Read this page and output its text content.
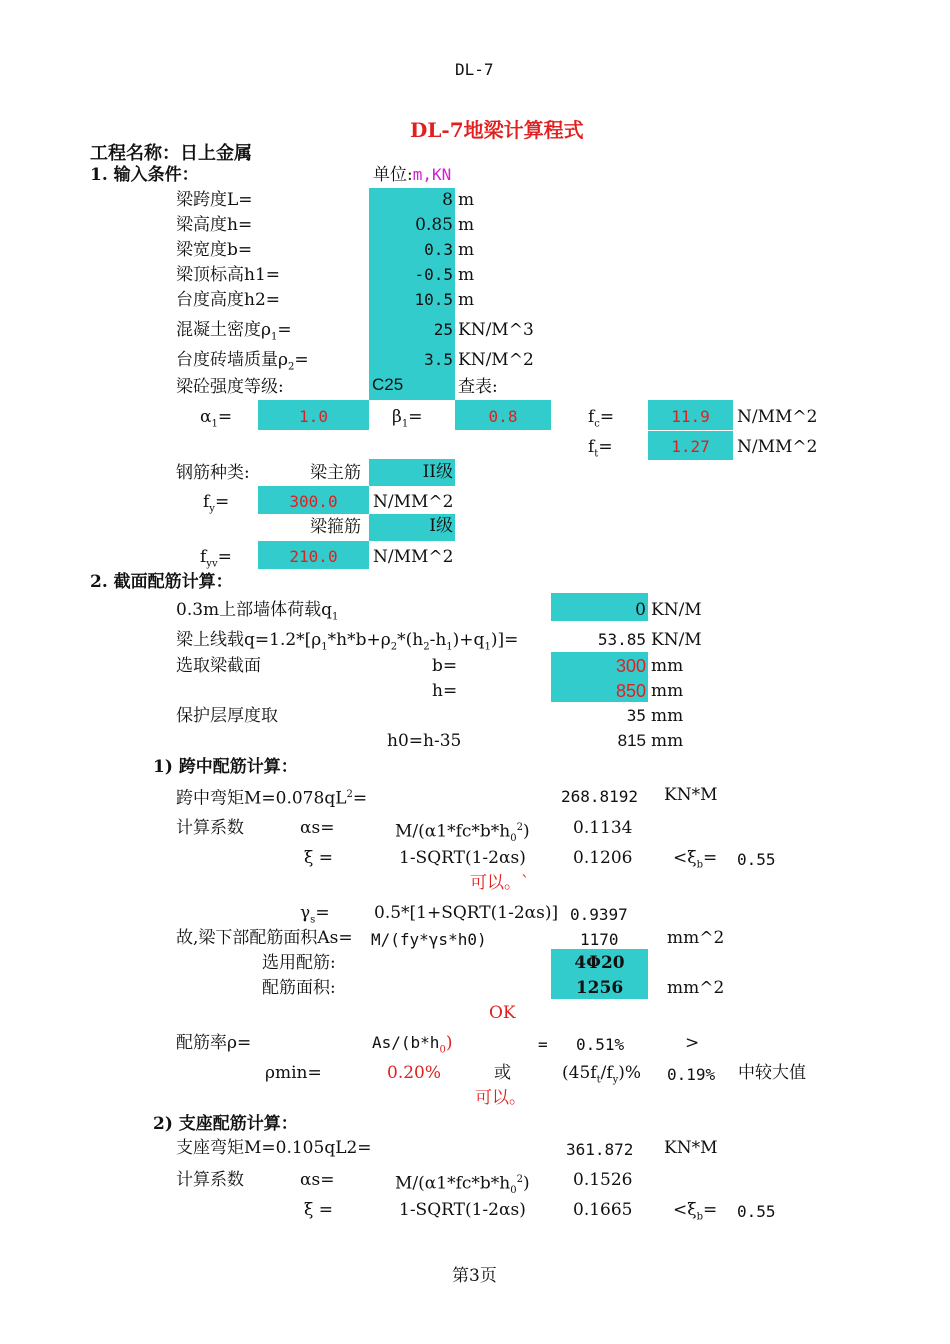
DL-7
DL-7地梁计算程式
工程名称：日上金属
1. 输入条件：	单位:m,KN
梁跨度L=	8 m
梁高度h=	0.85 m
梁宽度b=	0.3 m
梁顶标高h1=	-0.5 m
台度高度h2=	10.5 m
混凝土密度$\rho_1=$	25 KN/M^3
台度砖墙质量$\rho_2=$	3.5 KN/M^2
梁砼强度等级:	C25	查表:
$\alpha_1=$	1.0	$\beta_1=$	0.8	$f_c=$	11.9	N/MM^2
$f_t=$	1.27	N/MM^2
钢筋种类:	梁主筋	II级
$f_y=$	300.0	N/MM^2
梁箍筋	I级
$f_{yv}=$	210.0	N/MM^2
2. 截面配筋计算：
0.3m上部墙体荷载$q_1$	0 KN/M
梁上线载$q=1.2*[\rho_1*h*b+\rho_2*(h_2-h_1)+q_1)]=$	53.85 KN/M
选取梁截面	b=	300 mm
h=	850 mm
保护层厚度取	35 mm
h0=h-35	815 mm
1) 跨中配筋计算：
跨中弯矩$M=0.078qL^2=$	268.8192 KN*M
计算系数	αs=	$M/(\alpha 1*fc*b*h_0^2)$	0.1134
ξ =	1-SQRT(1-2αs)	$0.1206 <\xi_b= 0.55$
可以。`
$\gamma_s=$	0.5*[1+SQRT(1-2αs)] 0.9397
故,梁下部配筋面积As= M/(fy*γs*h0)	1170	mm^2
选用配筋:	4Φ20
配筋面积:	1256	mm^2
OK
配筋率ρ=	$As/(b*h_0)$	= 0.51%	>
ρmin=	0.20%	或	$(45f_t/f_y)\%$ 0.19% 中较大值
可以。
2) 支座配筋计算：
支座弯矩M=0.105qL2=	361.872 KN*M
计算系数	αs=	$M/(\alpha 1*fc*b*h_0^2)$	0.1526
ξ =	1-SQRT(1-2αs)	$0.1665 <\xi_b= 0.55$
第3页
